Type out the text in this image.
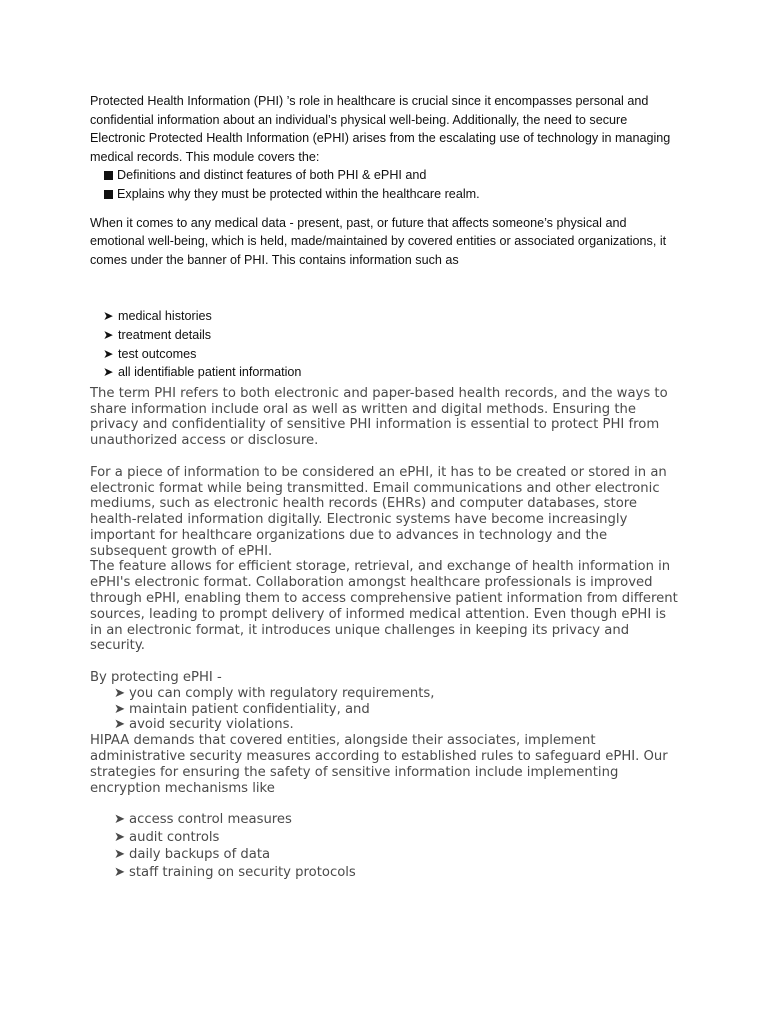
Protected Health Information (PHI) ’s role in healthcare is crucial since it encompasses personal and confidential information about an individual’s physical well-being. Additionally, the need to secure Electronic Protected Health Information (ePHI) arises from the escalating use of technology in managing medical records. This module covers the:

Definitions and distinct features of both PHI & ePHI and
Explains why they must be protected within the healthcare realm.

When it comes to any medical data - present, past, or future that affects someone’s physical and emotional well-being, which is held, made/maintained by covered entities or associated organizations, it comes under the banner of PHI. This contains information such as

➤ medical histories
➤ treatment details
➤ test outcomes
➤ all identifiable patient information

The term PHI refers to both electronic and paper-based health records, and the ways to share information include oral as well as written and digital methods. Ensuring the privacy and confidentiality of sensitive PHI information is essential to protect PHI from unauthorized access or disclosure.

For a piece of information to be considered an ePHI, it has to be created or stored in an electronic format while being transmitted. Email communications and other electronic mediums, such as electronic health records (EHRs) and computer databases, store health-related information digitally. Electronic systems have become increasingly important for healthcare organizations due to advances in technology and the subsequent growth of ePHI.

The feature allows for efficient storage, retrieval, and exchange of health information in ePHI's electronic format. Collaboration amongst healthcare professionals is improved through ePHI, enabling them to access comprehensive patient information from different sources, leading to prompt delivery of informed medical attention. Even though ePHI is in an electronic format, it introduces unique challenges in keeping its privacy and security.

By protecting ePHI -

➤ you can comply with regulatory requirements,
➤ maintain patient confidentiality, and
➤ avoid security violations.

HIPAA demands that covered entities, alongside their associates, implement administrative security measures according to established rules to safeguard ePHI. Our strategies for ensuring the safety of sensitive information include implementing encryption mechanisms like

➤ access control measures
➤ audit controls
➤ daily backups of data
➤ staff training on security protocols
